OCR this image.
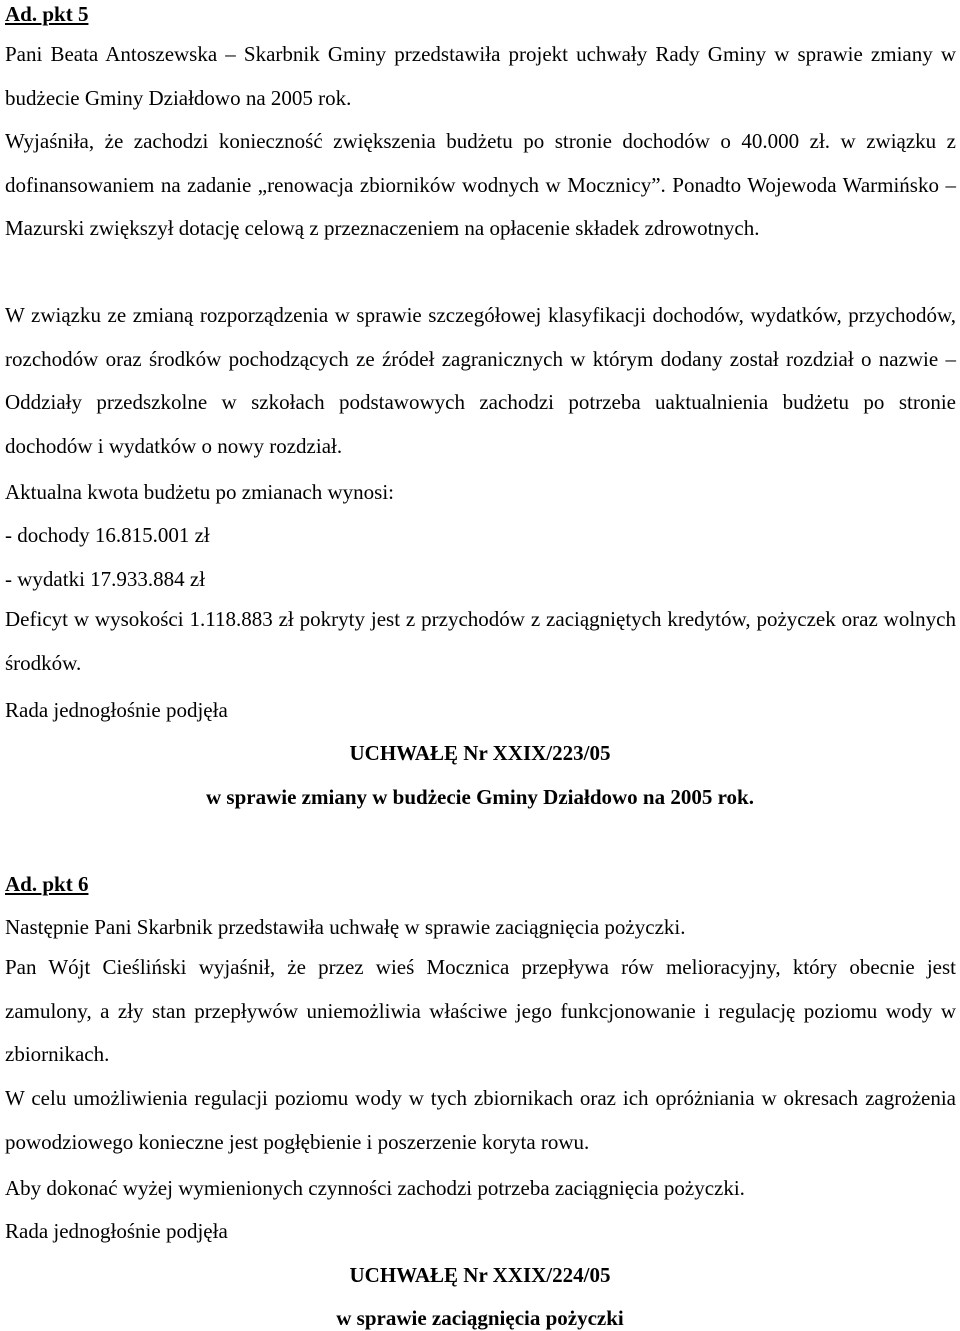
Ad. pkt 5
Pani Beata Antoszewska – Skarbnik Gminy przedstawiła projekt uchwały Rady Gminy w sprawie zmiany w budżecie Gminy Działdowo na 2005 rok.
Wyjaśniła, że zachodzi konieczność zwiększenia budżetu po stronie dochodów o 40.000 zł. w związku z dofinansowaniem na zadanie „renowacja zbiorników wodnych w Mocznicy”. Ponadto Wojewoda Warmińsko – Mazurski zwiększył dotację celową z przeznaczeniem na opłacenie składek zdrowotnych.
W związku ze zmianą rozporządzenia w sprawie szczegółowej klasyfikacji dochodów, wydatków, przychodów, rozchodów oraz środków pochodzących ze źródeł zagranicznych w którym dodany został rozdział o nazwie – Oddziały przedszkolne w szkołach podstawowych zachodzi potrzeba uaktualnienia budżetu po stronie dochodów i wydatków o nowy rozdział.
Aktualna kwota budżetu po zmianach wynosi:
- dochody 16.815.001 zł
- wydatki 17.933.884 zł
Deficyt w wysokości 1.118.883 zł pokryty jest z przychodów z zaciągniętych kredytów, pożyczek oraz wolnych środków.
Rada jednogłośnie podjęła
UCHWAŁĘ Nr XXIX/223/05
w sprawie zmiany w budżecie Gminy Działdowo na 2005 rok.
Ad. pkt 6
Następnie Pani Skarbnik przedstawiła uchwałę w sprawie zaciągnięcia pożyczki.
Pan Wójt Cieśliński wyjaśnił, że przez wieś Mocznica przepływa rów melioracyjny, który obecnie jest zamulony, a zły stan przepływów uniemożliwia właściwe jego funkcjonowanie i regulację poziomu wody w zbiornikach.
W celu umożliwienia regulacji poziomu wody w tych zbiornikach oraz ich opróżniania w okresach zagrożenia powodziowego konieczne jest pogłębienie i poszerzenie koryta rowu.
Aby dokonać wyżej wymienionych czynności zachodzi potrzeba zaciągnięcia pożyczki.
Rada jednogłośnie podjęła
UCHWAŁĘ Nr XXIX/224/05
w sprawie zaciągnięcia pożyczki
